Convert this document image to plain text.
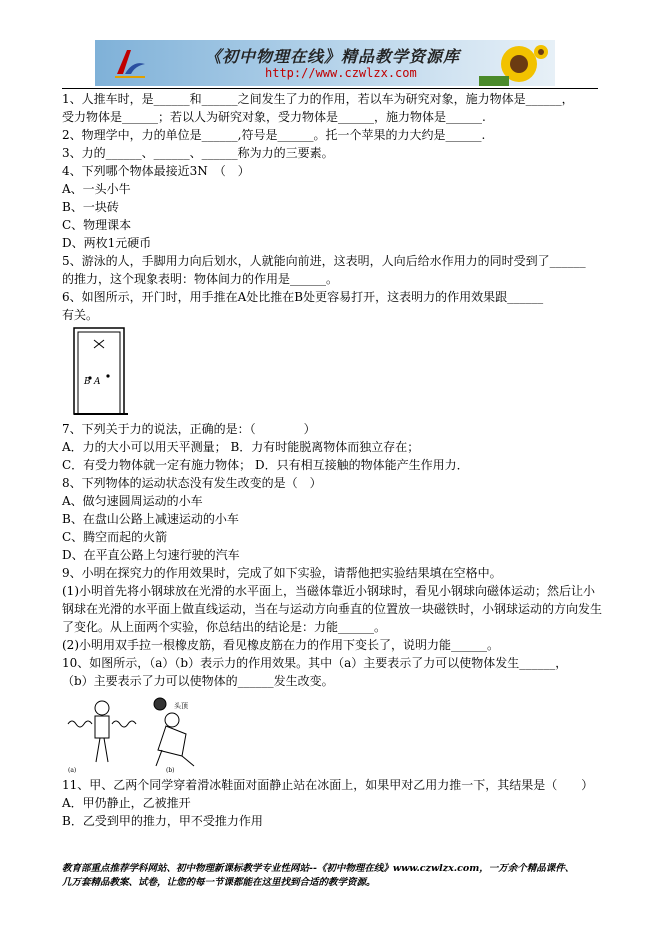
《初中物理在线》精品教学资源库
http://www.czwlzx.com

1、人推车时，是______和______之间发生了力的作用，若以车为研究对象，施力物体是______，

受力物体是______；若以人为研究对象，受力物体是______，施力物体是______.

2、物理学中，力的单位是______,符号是______。托一个苹果的力大约是______.

3、力的______、______、______称为力的三要素。

4、下列哪个物体最接近3N　（　）

A、一头小牛

B、一块砖

C、物理课本

D、两枚1元硬币

5、游泳的人，手脚用力向后划水，人就能向前进，这表明，人向后给水作用力的同时受到了______

的推力，这个现象表明：物体间力的作用是______。

6、如图所示，开门时，用手推在A处比推在B处更容易打开，这表明力的作用效果跟______

有关。

B A

7、下列关于力的说法，正确的是：（　　　　）

A．力的大小可以用天平测量； B．力有时能脱离物体而独立存在；

C．有受力物体就一定有施力物体； D．只有相互接触的物体能产生作用力．

8、下列物体的运动状态没有发生改变的是（　）

A、做匀速圆周运动的小车

B、在盘山公路上减速运动的小车

C、腾空而起的火箭

D、在平直公路上匀速行驶的汽车

9、小明在探究力的作用效果时，完成了如下实验，请帮他把实验结果填在空格中。

(1)小明首先将小钢球放在光滑的水平面上，当磁体靠近小钢球时，看见小钢球向磁体运动；然后让小

钢球在光滑的水平面上做直线运动，当在与运动方向垂直的位置放一块磁铁时，小钢球运动的方向发生

了变化。从上面两个实验，你总结出的结论是：力能______。

(2)小明用双手拉一根橡皮筋，看见橡皮筋在力的作用下变长了，说明力能______。

10、如图所示，（a）（b）表示力的作用效果。其中（a）主要表示了力可以使物体发生______，

（b）主要表示了力可以使物体的______发生改变。

(a)
头顶
(b)

11、甲、乙两个同学穿着滑冰鞋面对面静止站在冰面上，如果甲对乙用力推一下，其结果是（　　）

A．甲仍静止，乙被推开

B．乙受到甲的推力，甲不受推力作用

教育部重点推荐学科网站、初中物理新课标教学专业性网站--《初中物理在线》www.czwlzx.com，一万余个精品课件、
几万套精品教案、试卷，让您的每一节课都能在这里找到合适的教学资源。
